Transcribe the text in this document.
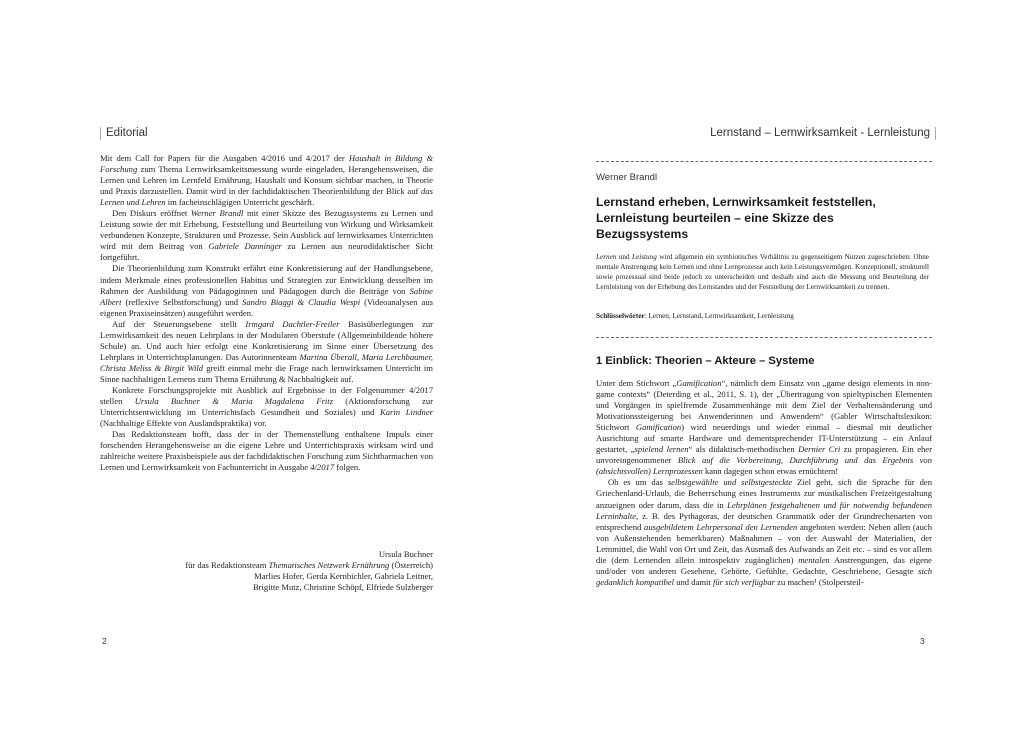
Editorial

Mit dem Call for Papers für die Ausgaben 4/2016 und 4/2017 der Haushalt in Bildung & Forschung zum Thema Lernwirksamkeitsmessung wurde eingeladen, Herangehensweisen, die Lernen und Lehren im Lernfeld Ernährung, Haushalt und Konsum sichtbar machen, in Theorie und Praxis darzustellen. Damit wird in der fachdidaktischen Theorienbildung der Blick auf das Lernen und Lehren im facheinschlägigen Unterricht geschärft.

Den Diskurs eröffnet Werner Brandl mit einer Skizze des Bezugssystems zu Lernen und Leistung sowie der mit Erhebung, Feststellung und Beurteilung von Wirkung und Wirksamkeit verbundenen Konzepte, Strukturen und Prozesse. Sein Ausblick auf lernwirksames Unterrichten wird mit dem Beitrag von Gabriele Danninger zu Lernen aus neurodidaktischer Sicht fortgeführt.

Die Theorienbildung zum Konstrukt erfährt eine Konkretisierung auf der Handlungsebene, indem Merkmale eines professionellen Habitus und Strategien zur Entwicklung desselben im Rahmen der Ausbildung von Pädagoginnen und Pädagogen durch die Beiträge von Sabine Albert (reflexive Selbstforschung) und Sandro Biaggi & Claudia Wespi (Videoanalysen aus eigenen Praxiseinsätzen) ausgeführt werden.

Auf der Steuerungsebene stellt Irmgard Dachtler-Freiler Basisüberlegungen zur Lernwirksamkeit des neuen Lehrplans in der Modularen Oberstufe (Allgemeinbildende höhere Schule) an. Und auch hier erfolgt eine Konkretisierung im Sinne einer Übersetzung des Lehrplans in Unterrichtsplanungen. Das Autorinnenteam Martina Überall, Maria Lerchbaumer, Christa Meliss & Birgit Wild greift einmal mehr die Frage nach lernwirksamen Unterricht im Sinne nachhaltigen Lernens zum Thema Ernährung & Nachhaltigkeit auf.

Konkrete Forschungsprojekte mit Ausblick auf Ergebnisse in der Folgenummer 4/2017 stellen Ursula Buchner & Maria Magdalena Fritz (Aktionsforschung zur Unterrichtsentwicklung im Unterrichtsfach Gesundheit und Soziales) und Karin Lindner (Nachhaltige Effekte von Auslandspraktika) vor.

Das Redaktionsteam hofft, dass der in der Themenstellung enthaltene Impuls einer forschenden Herangehensweise an die eigene Lehre und Unterrichtspraxis wirksam wird und zahlreiche weitere Praxisbeispiele aus der fachdidaktischen Forschung zum Sichtbarmachen von Lernen und Lernwirksamkeit von Fachunterricht in Ausgabe 4/2017 folgen.

Ursula Buchner
für das Redaktionsteam Thematisches Netzwerk Ernährung (Österreich)
Marlies Hofer, Gerda Kernbichler, Gabriela Leitner,
Brigitte Mutz, Christine Schöpf, Elfriede Sulzberger
2
Lernstand – Lernwirksamkeit - Lernleistung
Werner Brandl
Lernstand erheben, Lernwirksamkeit feststellen, Lernleistung beurteilen – eine Skizze des Bezugssystems
Lernen und Leistung wird allgemein ein symbiotisches Verhältnis zu gegenseitigem Nutzen zugeschrieben: Ohne mentale Anstrengung kein Lernen und ohne Lernprozesse auch kein Leistungsvermögen. Konzeptionell, strukturell sowie prozessual sind beide jedoch zu unterscheiden und deshalb sind auch die Messung und Beurteilung der Lernleistung von der Erhebung des Lernstandes und der Feststellung der Lernwirksamkeit zu trennen.
Schlüsselwörter: Lernen, Lernstand, Lernwirksamkeit, Lernleistung
1 Einblick: Theorien – Akteure – Systeme

Unter dem Stichwort „Gamification“, nämlich dem Einsatz von „game design elements in non-game contexts“ (Deterding et al., 2011, S. 1), der „Übertragung von spieltypischen Elementen und Vorgängen in spielfremde Zusammenhänge mit dem Ziel der Verhaltensänderung und Motivationssteigerung bei Anwenderinnen und Anwendern“ (Gabler Wirtschaftslexikon: Stichwort Gamification) wird neuerdings und wieder einmal – diesmal mit deutlicher Ausrichtung auf smarte Hardware und dementsprechender IT-Unterstützung – ein Anlauf gestartet, „spielend lernen“ als didaktisch-methodischen Dernier Cri zu propagieren. Ein eher unvoreingenommener Blick auf die Vorbereitung, Durchführung und das Ergebnis von (absichtsvollen) Lernprozessen kann dagegen schon etwas ernüchtern!

Ob es um das selbstgewählte und selbstgesteckte Ziel geht, sich die Sprache für den Griechenland-Urlaub, die Beherrschung eines Instruments zur musikalischen Freizeitgestaltung anzueignen oder darum, dass die in Lehrplänen festgehaltenen und für notwendig befundenen Lerninhalte, z. B. des Pythagoras, der deutschen Grammatik oder der Grundrechenarten von entsprechend ausgebildetem Lehrpersonal den Lernenden angeboten werden: Neben allen (auch von Außenstehenden bemerkbaren) Maßnahmen – von der Auswahl der Materialien, der Lernmittel, die Wahl von Ort und Zeit, das Ausmaß des Aufwands an Zeit etc. – sind es vor allem die (dem Lernenden allein introspektiv zugänglichen) mentalen Anstrengungen, das eigene und/oder von anderen Gesehene, Gehörte, Gefühlte, Gedachte, Geschriebene, Gesagte sich gedanklich kompatibel und damit für sich verfügbar zu machen¹ (Stolpersteil-

3
